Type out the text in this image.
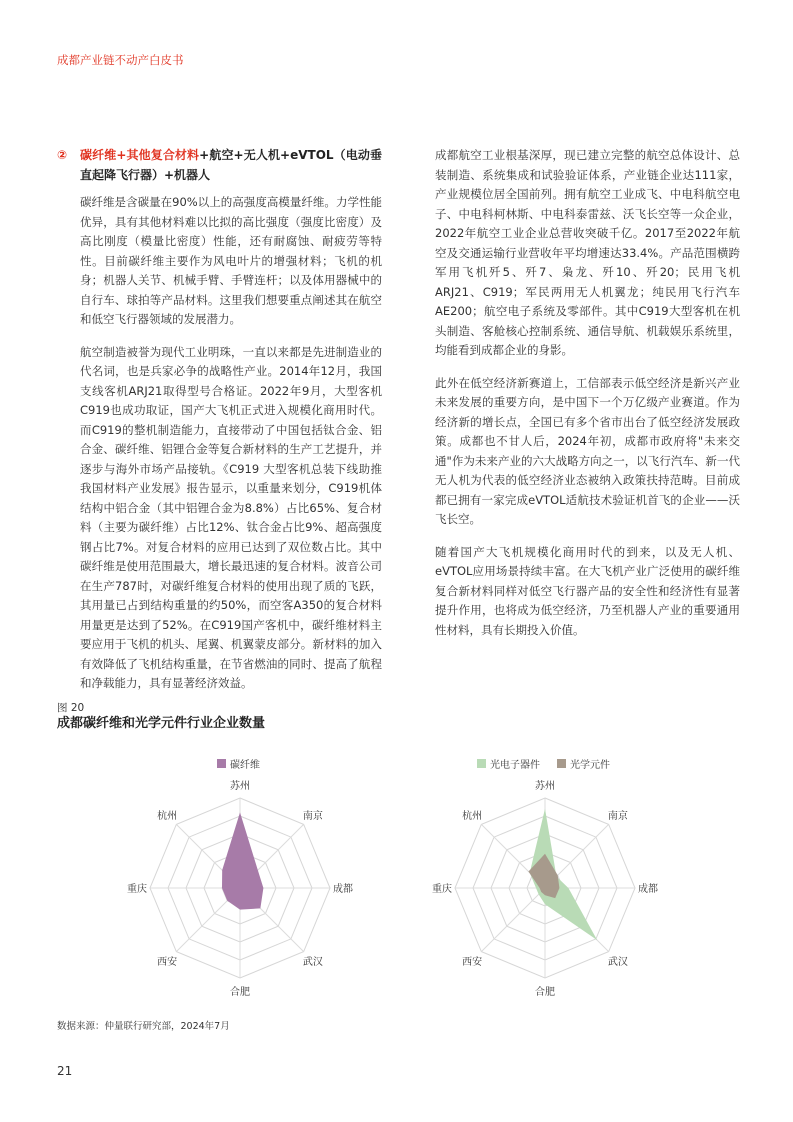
成都产业链不动产白皮书
②	碳纤维+其他复合材料+航空+无人机+eVTOL（电动垂直起降飞行器）+机器人

碳纤维是含碳量在90%以上的高强度高模量纤维。力学性能优异，具有其他材料难以比拟的高比强度（强度比密度）及高比刚度（模量比密度）性能，还有耐腐蚀、耐疲劳等特性。目前碳纤维主要作为风电叶片的增强材料；飞机的机身；机器人关节、机械手臂、手臂连杆；以及体用器械中的自行车、球拍等产品材料。这里我们想要重点阐述其在航空和低空飞行器领域的发展潜力。

航空制造被誉为现代工业明珠，一直以来都是先进制造业的代名词，也是兵家必争的战略性产业。2014年12月，我国支线客机ARJ21取得型号合格证。2022年9月，大型客机C919也成功取证，国产大飞机正式进入规模化商用时代。而C919的整机制造能力，直接带动了中国包括钛合金、铝合金、碳纤维、铝锂合金等复合新材料的生产工艺提升，并逐步与海外市场产品接轨。《C919 大型客机总装下线助推我国材料产业发展》报告显示，以重量来划分，C919机体结构中铝合金（其中铝锂合金为8.8%）占比65%、复合材料（主要为碳纤维）占比12%、钛合金占比9%、超高强度钢占比7%。对复合材料的应用已达到了双位数占比。其中碳纤维是使用范围最大，增长最迅速的复合材料。波音公司在生产787时，对碳纤维复合材料的使用出现了质的飞跃，其用量已占到结构重量的约50%，而空客A350的复合材料用量更是达到了52%。在C919国产客机中，碳纤维材料主要应用于飞机的机头、尾翼、机翼蒙皮部分。新材料的加入有效降低了飞机结构重量，在节省燃油的同时、提高了航程和净载能力，具有显著经济效益。

成都航空工业根基深厚，现已建立完整的航空总体设计、总装制造、系统集成和试验验证体系，产业链企业达111家，产业规模位居全国前列。拥有航空工业成飞、中电科航空电子、中电科柯林斯、中电科泰雷兹、沃飞长空等一众企业，2022年航空工业企业总营收突破千亿。2017至2022年航空及交通运输行业营收年平均增速达33.4%。产品范围横跨军用飞机歼5、歼7、枭龙、歼10、歼20；民用飞机ARJ21、C919；军民两用无人机翼龙；纯民用飞行汽车AE200；航空电子系统及零部件。其中C919大型客机在机头制造、客舱核心控制系统、通信导航、机载娱乐系统里，均能看到成都企业的身影。

此外在低空经济新赛道上，工信部表示低空经济是新兴产业未来发展的重要方向，是中国下一个万亿级产业赛道。作为经济新的增长点，全国已有多个省市出台了低空经济发展政策。成都也不甘人后，2024年初，成都市政府将"未来交通"作为未来产业的六大战略方向之一，以飞行汽车、新一代无人机为代表的低空经济业态被纳入政策扶持范畴。目前成都已拥有一家完成eVTOL适航技术验证机首飞的企业——沃飞长空。

随着国产大飞机规模化商用时代的到来，以及无人机、eVTOL应用场景持续丰富。在大飞机产业广泛使用的碳纤维复合新材料同样对低空飞行器产品的安全性和经济性有显著提升作用，也将成为低空经济，乃至机器人产业的重要通用性材料，具有长期投入价值。

图 20
成都碳纤维和光学元件行业企业数量
苏州
南京
成都
武汉
合肥
西安
重庆
杭州
碳纤维
苏州
南京
成都
武汉
合肥
西安
重庆
杭州
光电子器件	光学元件
数据来源：仲量联行研究部，2024年7月
21
